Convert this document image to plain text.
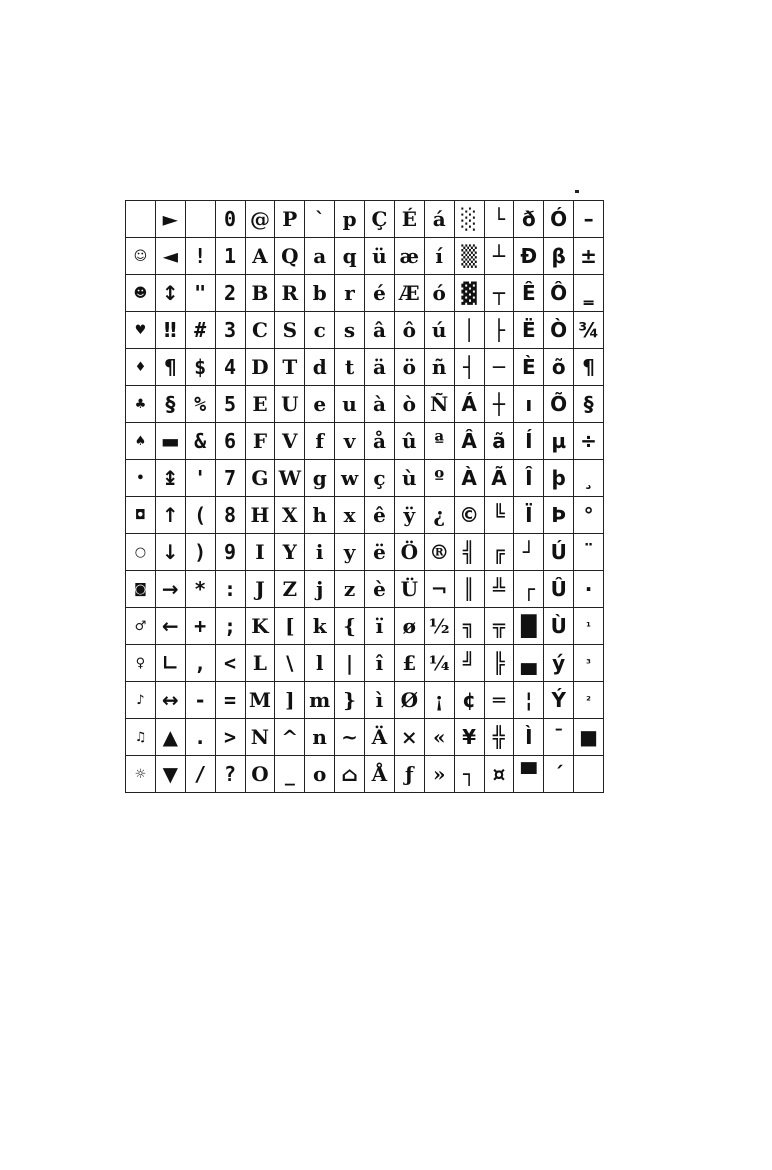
	►		0	@	P	`	p	Ç	É	á	░	└	ð	Ó	–
☺	◄	!	1	A	Q	a	q	ü	æ	í	▒	┴	Đ	β	±
☻	↕	"	2	B	R	b	r	é	Æ	ó	▓	┬	Ê	Ô	‗
♥	‼	#	3	C	S	c	s	â	ô	ú	│	├	Ë	Ò	¾
♦	¶	$	4	D	T	d	t	ä	ö	ñ	┤	─	È	õ	¶
♣	§	%	5	E	U	e	u	à	ò	Ñ	Á	┼	ı	Õ	§
♠	▬	&	6	F	V	f	v	å	û	ª	Â	ã	Í	µ	÷
•	↨	'	7	G	W	g	w	ç	ù	º	À	Ã	Î	þ	¸
◘	↑	(	8	H	X	h	x	ê	ÿ	¿	©	╚	Ï	Þ	°
○	↓	)	9	I	Y	i	y	ë	Ö	®	╣	╔	┘	Ú	¨
◙	→	*	:	J	Z	j	z	è	Ü	¬	║	╩	┌	Û	·
♂	←	+	;	K	[	k	{	ï	ø	½	╗	╦	█	Ù	¹
♀	∟	,	<	L	\	l	|	î	£	¼	╝	╠	▄	ý	³
♪	↔	-	=	M	]	m	}	ì	Ø	¡	¢	═	¦	Ý	²
♫	▲	.	>	N	^	n	~	Ä	×	«	¥	╬	Ì	¯	■
☼	▼	/	?	O	_	o	⌂	Å	ƒ	»	┐	¤	▀	´	
